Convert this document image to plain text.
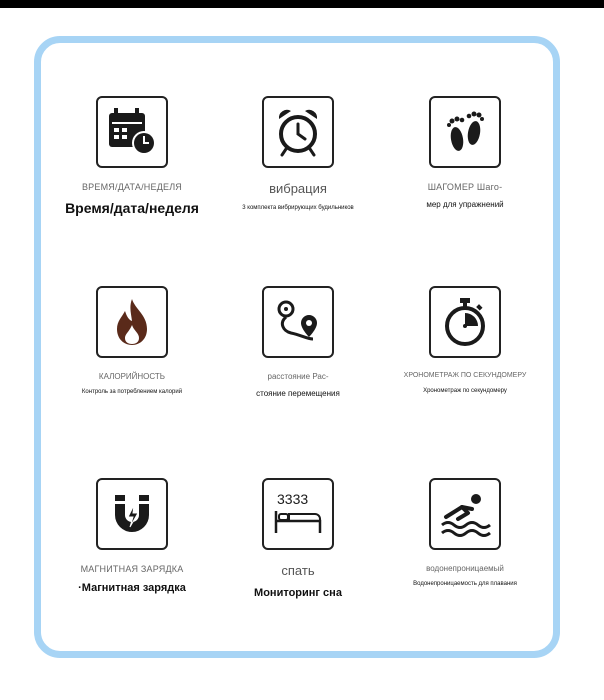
ВРЕМЯ/ДАТА/НЕДЕЛЯ
Время/дата/неделя
вибрация
3 комплекта вибрирующих будильников
ШАГОМЕР Шаго-
мер для упражнений
КАЛОРИЙНОСТЬ
Контроль за потреблением калорий
расстояние Рас-
стояние перемещения
ХРОНОМЕТРАЖ ПО СЕКУНДОМЕРУ
Хронометраж по секундомеру
МАГНИТНАЯ ЗАРЯДКА
·Магнитная зарядка
3333
спать
Мониторинг сна
водонепроницаемый
Водонепроницаемость для плавания
